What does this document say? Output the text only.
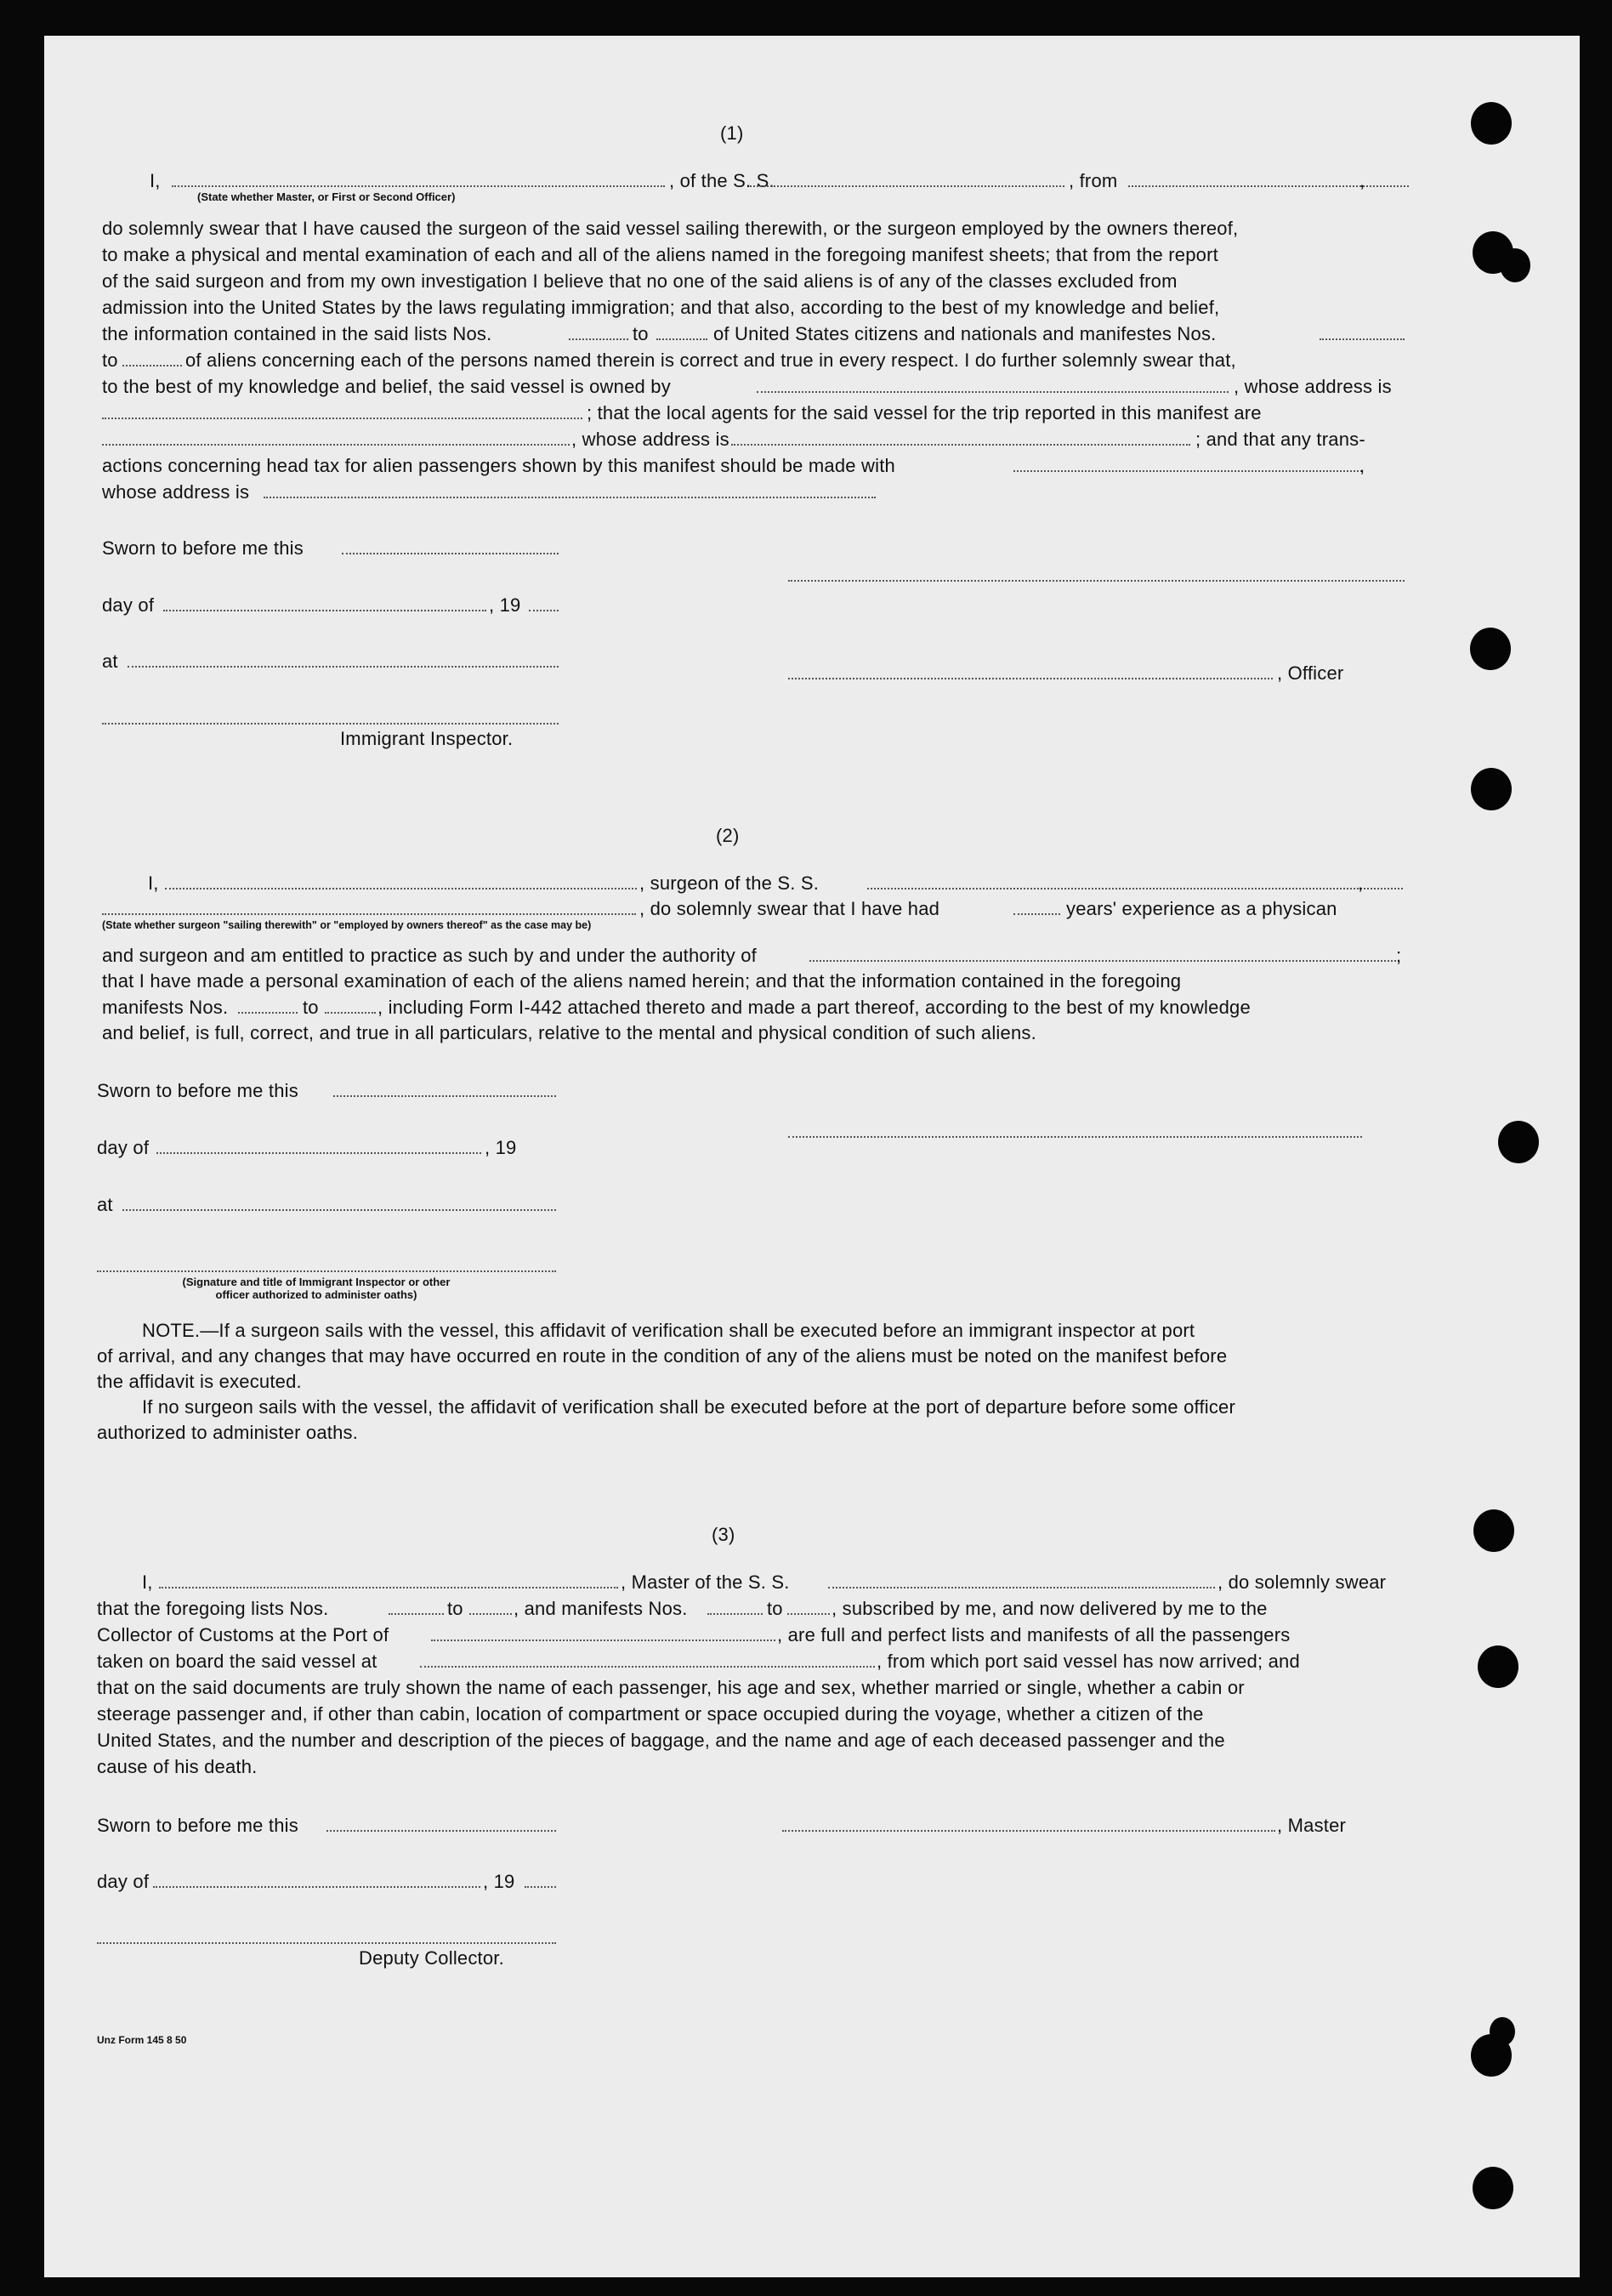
(1)
I,	, of the S. S.	, from	,
(State whether Master, or First or Second Officer)
do solemnly swear that I have caused the surgeon of the said vessel sailing therewith, or the surgeon employed by the owners thereof,
to make a physical and mental examination of each and all of the aliens named in the foregoing manifest sheets; that from the report
of the said surgeon and from my own investigation I believe that no one of the said aliens is of any of the classes excluded from
admission into the United States by the laws regulating immigration; and that also, according to the best of my knowledge and belief,
the information contained in the said lists Nos.	to	of United States citizens and nationals and manifestes Nos.
to	of aliens concerning each of the persons named therein is correct and true in every respect. I do further solemnly swear that,
to the best of my knowledge and belief, the said vessel is owned by	, whose address is
; that the local agents for the said vessel for the trip reported in this manifest are
, whose address is	; and that any trans-
actions concerning head tax for alien passengers shown by this manifest should be made with	,
whose address is
Sworn to before me this
day of	, 19
at
, Officer
Immigrant Inspector.
(2)
I,	, surgeon of the S. S.	,
, do solemnly swear that I have had	years' experience as a physican
(State whether surgeon "sailing therewith" or "employed by owners thereof" as the case may be)
and surgeon and am entitled to practice as such by and under the authority of	;
that I have made a personal examination of each of the aliens named herein; and that the information contained in the foregoing
manifests Nos.	to	, including Form I-442 attached thereto and made a part thereof, according to the best of my knowledge
and belief, is full, correct, and true in all particulars, relative to the mental and physical condition of such aliens.
Sworn to before me this
day of	, 19
at
(Signature and title of Immigrant Inspector or other
officer authorized to administer oaths)
NOTE.—If a surgeon sails with the vessel, this affidavit of verification shall be executed before an immigrant inspector at port
of arrival, and any changes that may have occurred en route in the condition of any of the aliens must be noted on the manifest before
the affidavit is executed.
If no surgeon sails with the vessel, the affidavit of verification shall be executed before at the port of departure before some officer
authorized to administer oaths.
(3)
I,	, Master of the S. S.	, do solemnly swear
that the foregoing lists Nos.	to	, and manifests Nos.	to	, subscribed by me, and now delivered by me to the
Collector of Customs at the Port of	, are full and perfect lists and manifests of all the passengers
taken on board the said vessel at	, from which port said vessel has now arrived; and
that on the said documents are truly shown the name of each passenger, his age and sex, whether married or single, whether a cabin or
steerage passenger and, if other than cabin, location of compartment or space occupied during the voyage, whether a citizen of the
United States, and the number and description of the pieces of baggage, and the name and age of each deceased passenger and the
cause of his death.
Sworn to before me this	, Master
day of	, 19
Deputy Collector.
Unz Form 145 8 50
